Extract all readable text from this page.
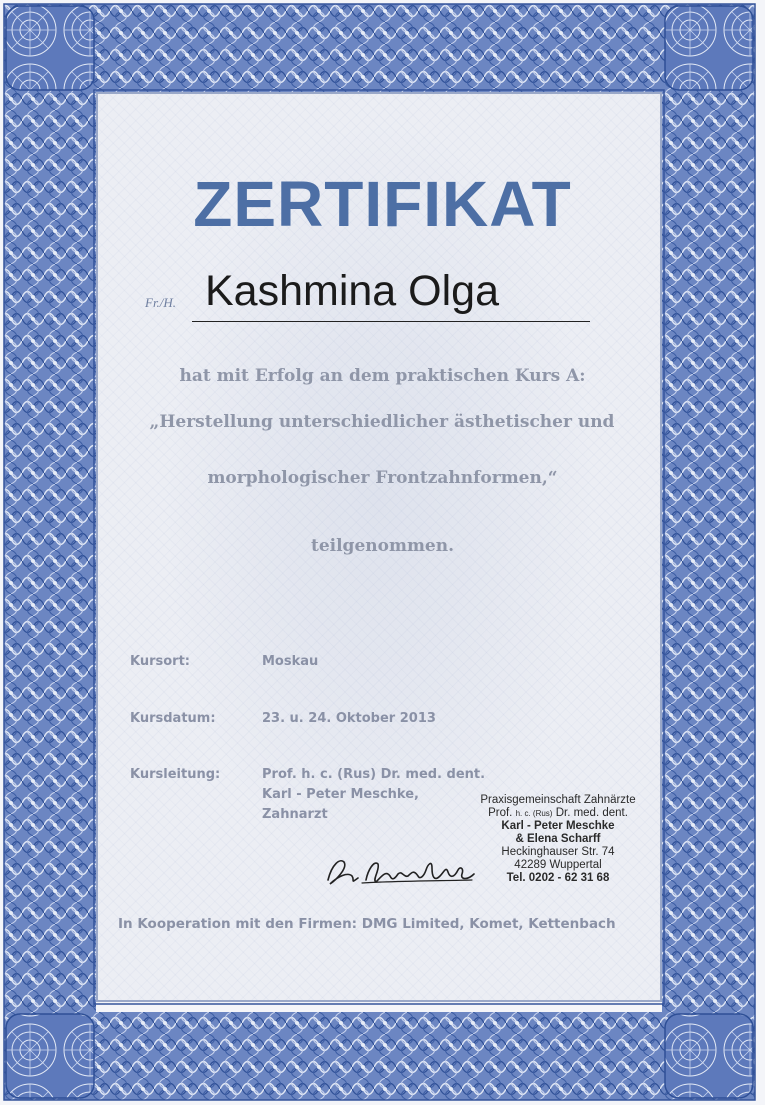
ZERTIFIKAT
Fr./H. Kashmina Olga
hat mit Erfolg an dem praktischen Kurs A:
„Herstellung unterschiedlicher ästhetischer und
morphologischer Frontzahnformen,“
teilgenommen.
Kursort:	Moskau
Kursdatum:	23. u. 24. Oktober 2013
Kursleitung:	Prof. h. c. (Rus) Dr. med. dent.
Karl - Peter Meschke,
Zahnarzt
Praxisgemeinschaft Zahnärzte
Prof. h. c. (Rus) Dr. med. dent.
Karl - Peter Meschke
& Elena Scharff
Heckinghauser Str. 74
42289 Wuppertal
Tel. 0202 - 62 31 68
In Kooperation mit den Firmen: DMG Limited, Komet, Kettenbach
